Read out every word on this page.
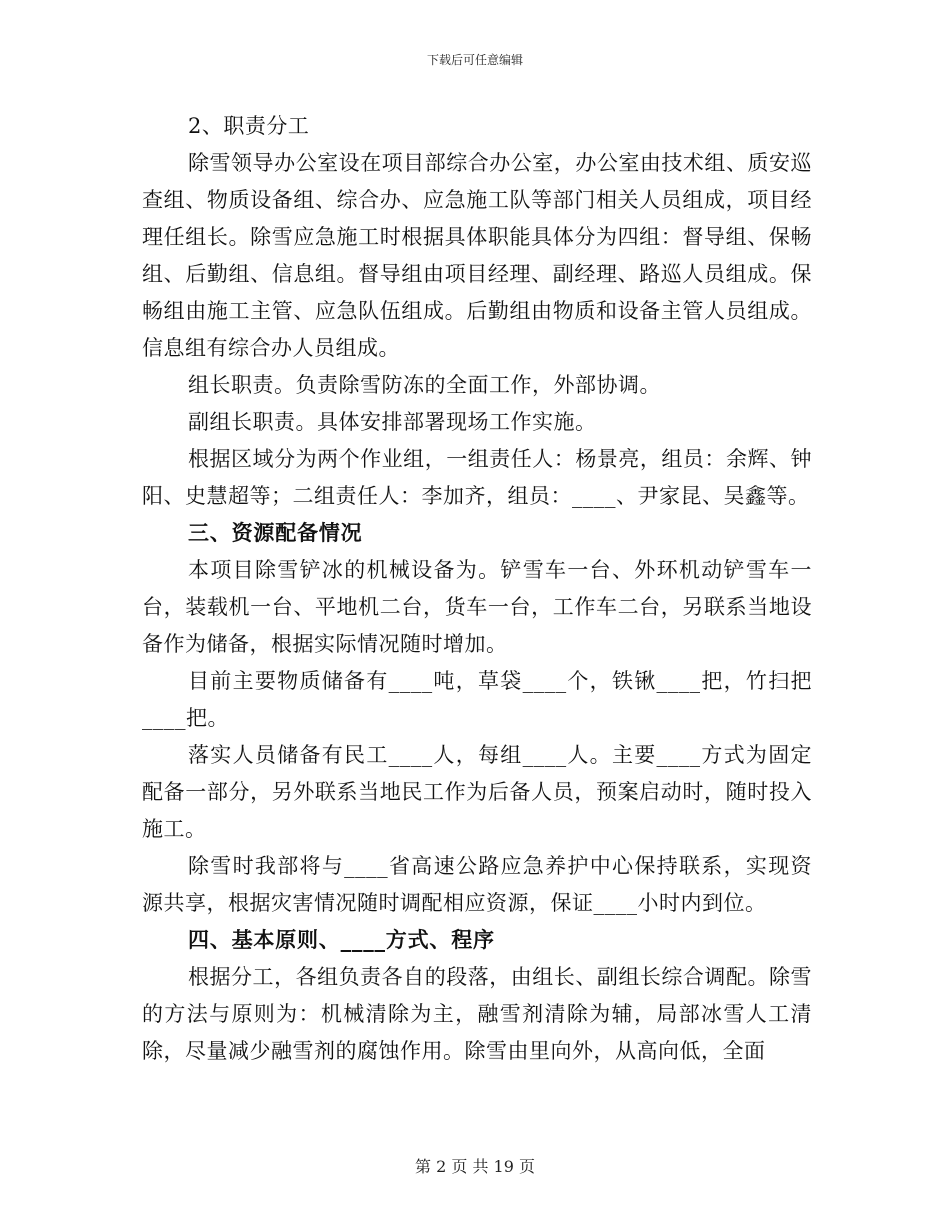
下载后可任意编辑

2、职责分工

除雪领导办公室设在项目部综合办公室，办公室由技术组、质安巡查组、物质设备组、综合办、应急施工队等部门相关人员组成，项目经理任组长。除雪应急施工时根据具体职能具体分为四组：督导组、保畅组、后勤组、信息组。督导组由项目经理、副经理、路巡人员组成。保畅组由施工主管、应急队伍组成。后勤组由物质和设备主管人员组成。信息组有综合办人员组成。

组长职责。负责除雪防冻的全面工作，外部协调。

副组长职责。具体安排部署现场工作实施。

根据区域分为两个作业组，一组责任人：杨景亮，组员：余辉、钟阳、史慧超等；二组责任人：李加齐，组员：____、尹家昆、吴鑫等。

三、资源配备情况

本项目除雪铲冰的机械设备为。铲雪车一台、外环机动铲雪车一台，装载机一台、平地机二台，货车一台，工作车二台，另联系当地设备作为储备，根据实际情况随时增加。

目前主要物质储备有____吨，草袋____个，铁锹____把，竹扫把____把。

落实人员储备有民工____人，每组____人。主要____方式为固定配备一部分，另外联系当地民工作为后备人员，预案启动时，随时投入施工。

除雪时我部将与____省高速公路应急养护中心保持联系，实现资源共享，根据灾害情况随时调配相应资源，保证____小时内到位。

四、基本原则、____方式、程序

根据分工，各组负责各自的段落，由组长、副组长综合调配。除雪的方法与原则为：机械清除为主，融雪剂清除为辅，局部冰雪人工清除，尽量减少融雪剂的腐蚀作用。除雪由里向外，从高向低，全面

第 2 页 共 19 页
